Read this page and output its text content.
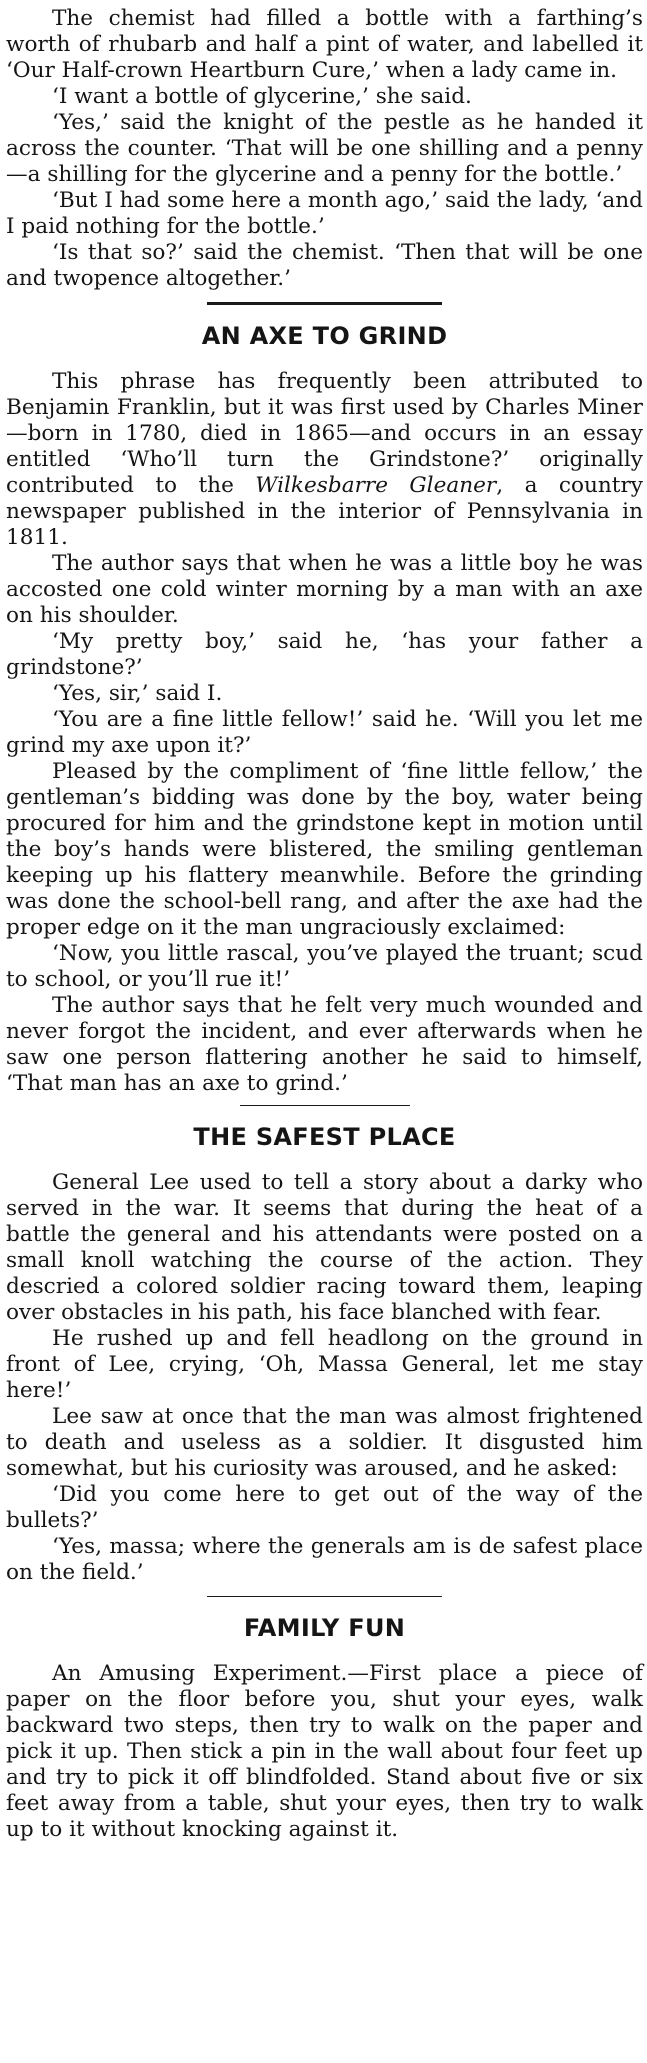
The chemist had filled a bottle with a farthing’s worth of rhubarb and half a pint of water, and labelled it ‘Our Half-crown Heartburn Cure,’ when a lady came in.

‘I want a bottle of glycerine,’ she said.

‘Yes,’ said the knight of the pestle as he handed it across the counter. ‘That will be one shilling and a penny—a shilling for the glycerine and a penny for the bottle.’

‘But I had some here a month ago,’ said the lady, ‘and I paid nothing for the bottle.’

‘Is that so?’ said the chemist. ‘Then that will be one and twopence altogether.’

AN AXE TO GRIND

This phrase has frequently been attributed to Benjamin Franklin, but it was first used by Charles Miner—born in 1780, died in 1865—and occurs in an essay entitled ‘Who’ll turn the Grindstone?’ originally contributed to the Wilkesbarre Gleaner, a country newspaper published in the interior of Pennsylvania in 1811.

The author says that when he was a little boy he was accosted one cold winter morning by a man with an axe on his shoulder.

‘My pretty boy,’ said he, ‘has your father a grindstone?’

‘Yes, sir,’ said I.

‘You are a fine little fellow!’ said he. ‘Will you let me grind my axe upon it?’

Pleased by the compliment of ‘fine little fellow,’ the gentleman’s bidding was done by the boy, water being procured for him and the grindstone kept in motion until the boy’s hands were blistered, the smiling gentleman keeping up his flattery meanwhile. Before the grinding was done the school-bell rang, and after the axe had the proper edge on it the man ungraciously exclaimed:

‘Now, you little rascal, you’ve played the truant; scud to school, or you’ll rue it!’

The author says that he felt very much wounded and never forgot the incident, and ever afterwards when he saw one person flattering another he said to himself, ‘That man has an axe to grind.’

THE SAFEST PLACE

General Lee used to tell a story about a darky who served in the war. It seems that during the heat of a battle the general and his attendants were posted on a small knoll watching the course of the action. They descried a colored soldier racing toward them, leaping over obstacles in his path, his face blanched with fear.

He rushed up and fell headlong on the ground in front of Lee, crying, ‘Oh, Massa General, let me stay here!’

Lee saw at once that the man was almost frightened to death and useless as a soldier. It disgusted him somewhat, but his curiosity was aroused, and he asked:

‘Did you come here to get out of the way of the bullets?’

‘Yes, massa; where the generals am is de safest place on the field.’

FAMILY FUN

An Amusing Experiment.—First place a piece of paper on the floor before you, shut your eyes, walk backward two steps, then try to walk on the paper and pick it up. Then stick a pin in the wall about four feet up and try to pick it off blindfolded. Stand about five or six feet away from a table, shut your eyes, then try to walk up to it without knocking against it.
